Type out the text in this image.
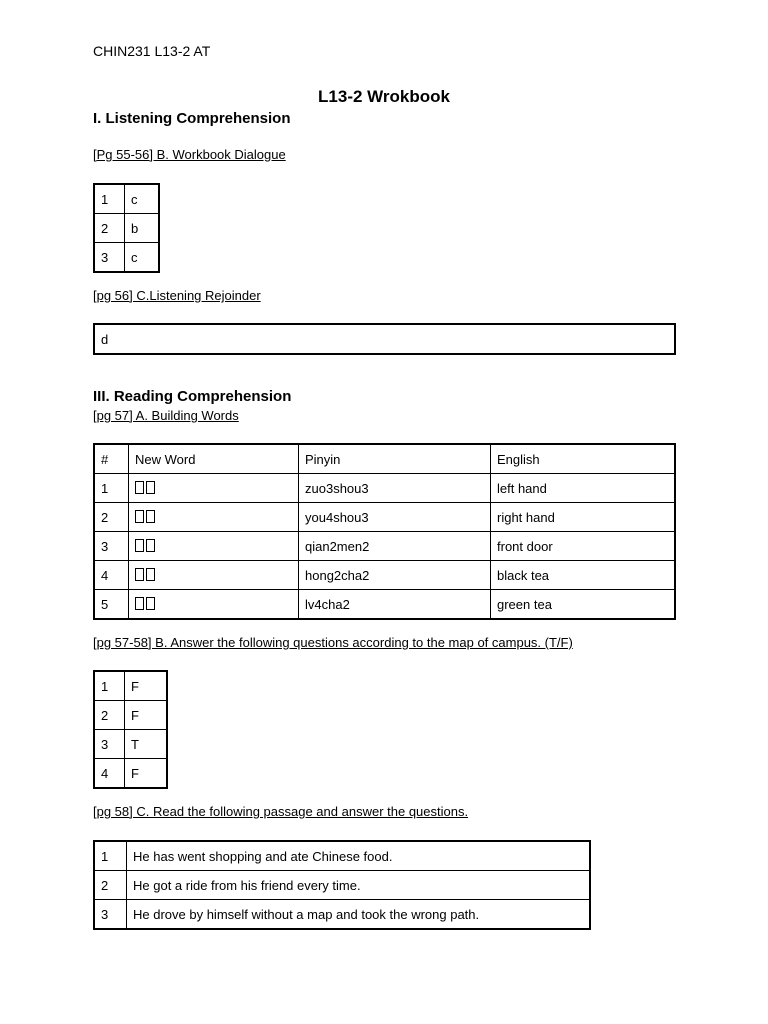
CHIN231 L13-2 AT
L13-2 Wrokbook
I. Listening Comprehension
[Pg 55-56] B. Workbook Dialogue
1	c
2	b
3	c
[pg 56] C.Listening Rejoinder
d
III. Reading Comprehension
[pg 57] A. Building Words
#	New Word	Pinyin	English
1		zuo3shou3	left hand
2		you4shou3	right hand
3		qian2men2	front door
4		hong2cha2	black tea
5		lv4cha2	green tea
[pg 57-58] B. Answer the following questions according to the map of campus. (T/F)
1	F
2	F
3	T
4	F
[pg 58] C. Read the following passage and answer the questions.
1	He has went shopping and ate Chinese food.
2	He got a ride from his friend every time.
3	He drove by himself without a map and took the wrong path.
